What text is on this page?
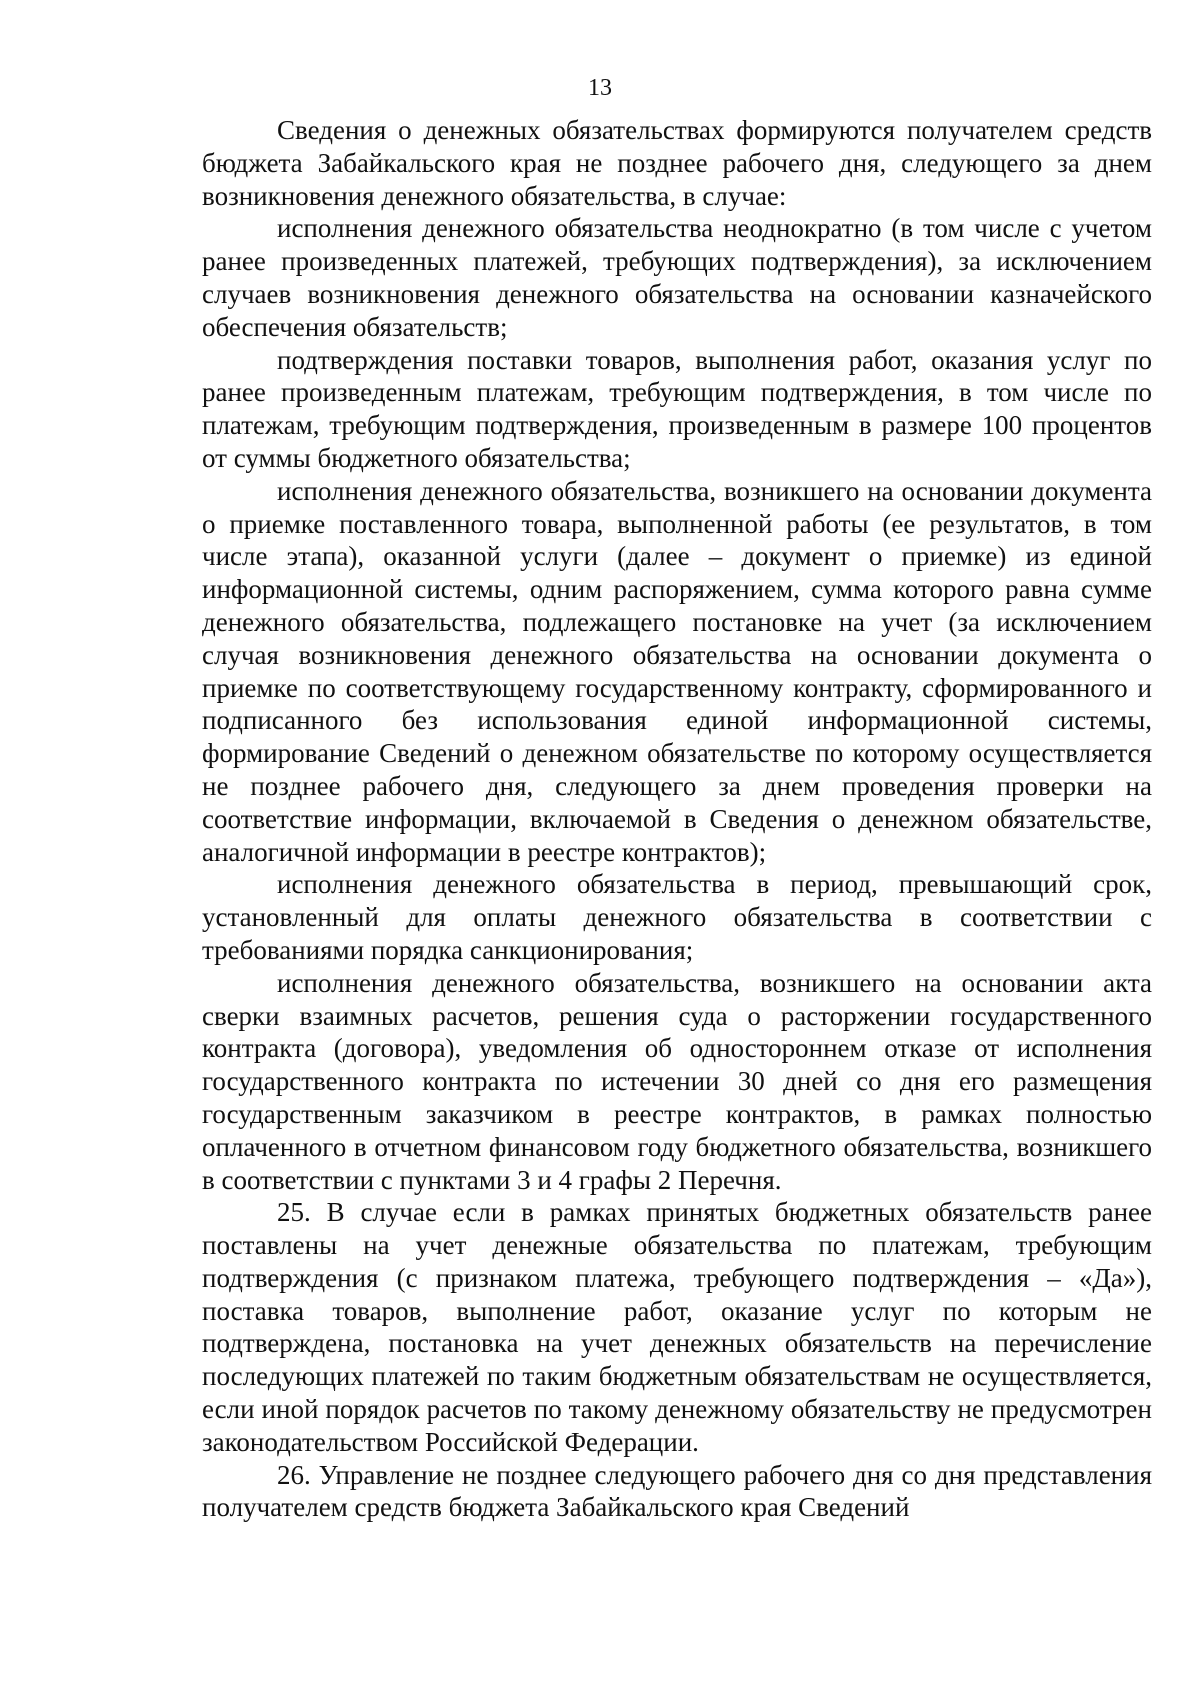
13

Сведения о денежных обязательствах формируются получателем средств бюджета Забайкальского края не позднее рабочего дня, следующего за днем возникновения денежного обязательства, в случае:

исполнения денежного обязательства неоднократно (в том числе с учетом ранее произведенных платежей, требующих подтверждения), за исключением случаев возникновения денежного обязательства на основании казначейского обеспечения обязательств;

подтверждения поставки товаров, выполнения работ, оказания услуг по ранее произведенным платежам, требующим подтверждения, в том числе по платежам, требующим подтверждения, произведенным в размере 100 процентов от суммы бюджетного обязательства;

исполнения денежного обязательства, возникшего на основании документа о приемке поставленного товара, выполненной работы (ее результатов, в том числе этапа), оказанной услуги (далее – документ о приемке) из единой информационной системы, одним распоряжением, сумма которого равна сумме денежного обязательства, подлежащего постановке на учет (за исключением случая возникновения денежного обязательства на основании документа о приемке по соответствующему государственному контракту, сформированного и подписанного без использования единой информационной системы, формирование Сведений о денежном обязательстве по которому осуществляется не позднее рабочего дня, следующего за днем проведения проверки на соответствие информации, включаемой в Сведения о денежном обязательстве, аналогичной информации в реестре контрактов);

исполнения денежного обязательства в период, превышающий срок, установленный для оплаты денежного обязательства в соответствии с требованиями порядка санкционирования;

исполнения денежного обязательства, возникшего на основании акта сверки взаимных расчетов, решения суда о расторжении государственного контракта (договора), уведомления об одностороннем отказе от исполнения государственного контракта по истечении 30 дней со дня его размещения государственным заказчиком в реестре контрактов, в рамках полностью оплаченного в отчетном финансовом году бюджетного обязательства, возникшего в соответствии с пунктами 3 и 4 графы 2 Перечня.

25. В случае если в рамках принятых бюджетных обязательств ранее поставлены на учет денежные обязательства по платежам, требующим подтверждения (с признаком платежа, требующего подтверждения – «Да»), поставка товаров, выполнение работ, оказание услуг по которым не подтверждена, постановка на учет денежных обязательств на перечисление последующих платежей по таким бюджетным обязательствам не осуществляется, если иной порядок расчетов по такому денежному обязательству не предусмотрен законодательством Российской Федерации.

26. Управление не позднее следующего рабочего дня со дня представления получателем средств бюджета Забайкальского края Сведений
